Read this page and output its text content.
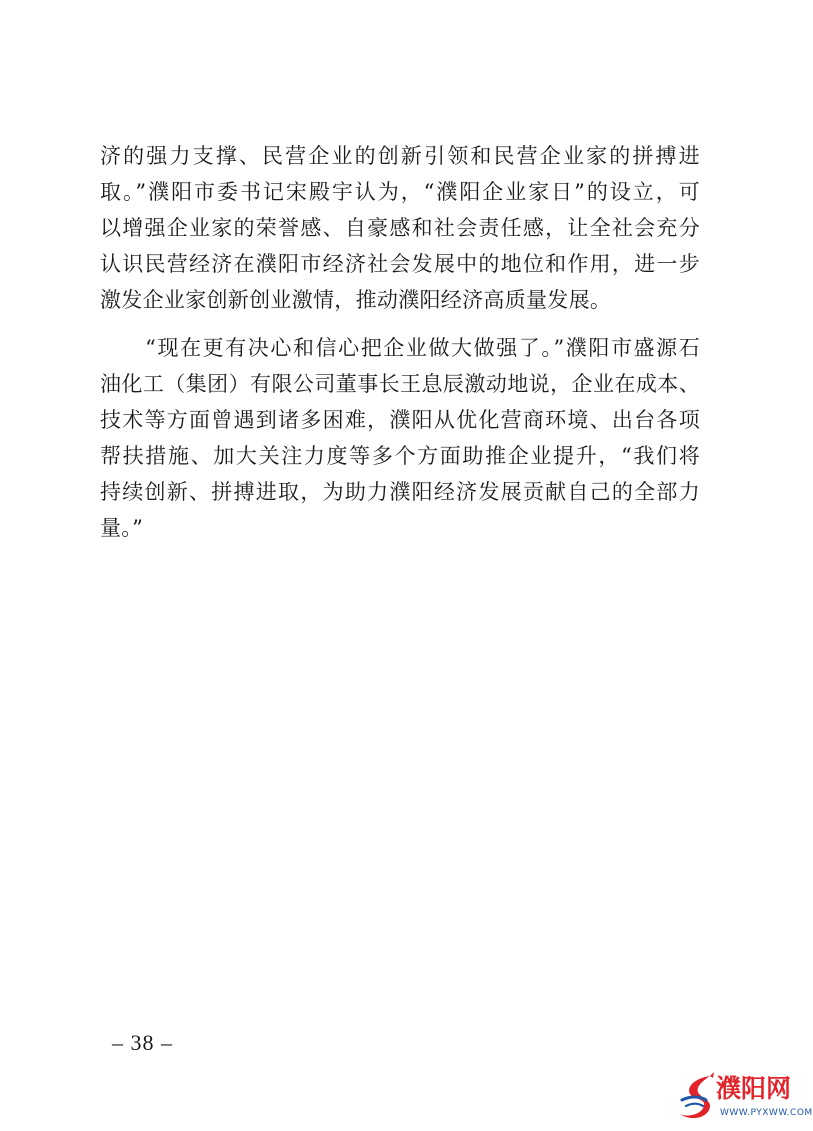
济的强力支撑、民营企业的创新引领和民营企业家的拼搏进
取。”濮阳市委书记宋殿宇认为，“濮阳企业家日”的设立，可
以增强企业家的荣誉感、自豪感和社会责任感，让全社会充分
认识民营经济在濮阳市经济社会发展中的地位和作用，进一步
激发企业家创新创业激情，推动濮阳经济高质量发展。
　　“现在更有决心和信心把企业做大做强了。”濮阳市盛源石
油化工（集团）有限公司董事长王息辰激动地说，企业在成本、
技术等方面曾遇到诸多困难，濮阳从优化营商环境、出台各项
帮扶措施、加大关注力度等多个方面助推企业提升，“我们将
持续创新、拼搏进取，为助力濮阳经济发展贡献自己的全部力
量。”
– 38 –
濮阳网
WWW.PYXWW.COM
